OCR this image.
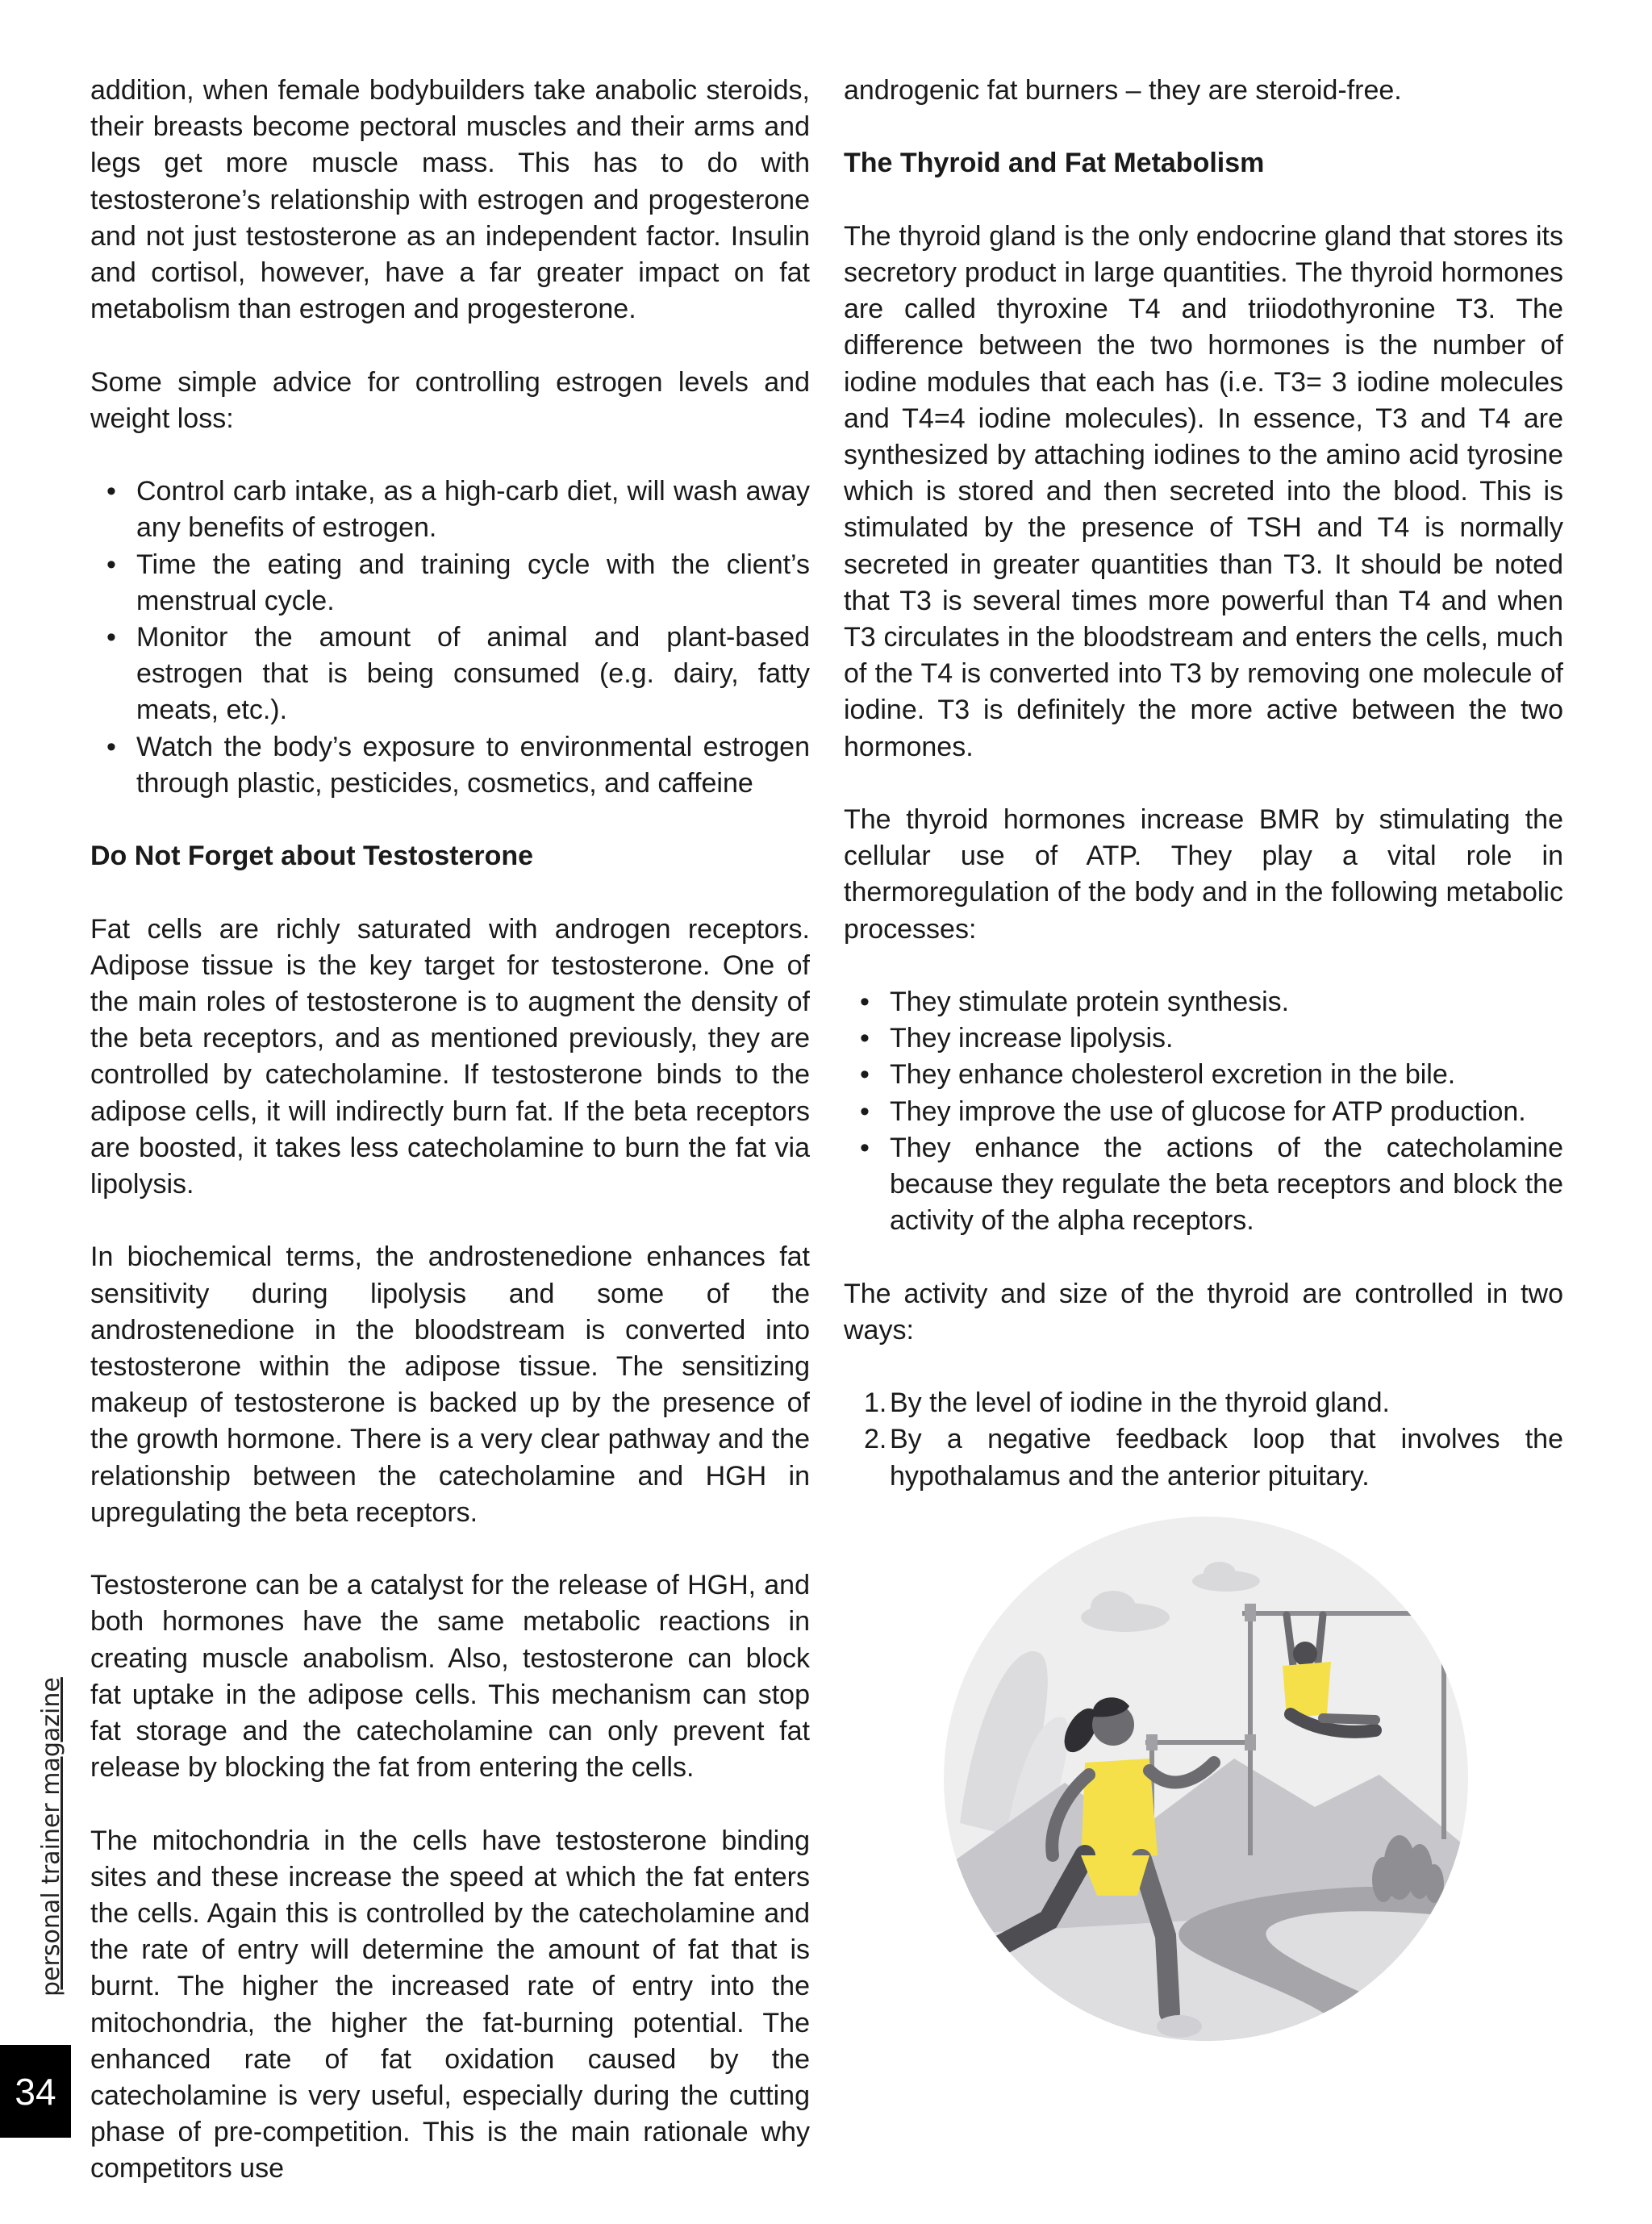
addition, when female bodybuilders take anabolic steroids, their breasts become pectoral muscles and their arms and legs get more muscle mass. This has to do with testosterone’s relationship with estrogen and progesterone and not just testosterone as an independent factor. Insulin and cortisol, however, have a far greater impact on fat metabolism than estrogen and progesterone.

Some simple advice for controlling estrogen levels and weight loss:

• Control carb intake, as a high-carb diet, will wash away any benefits of estrogen.
• Time the eating and training cycle with the client’s menstrual cycle.
• Monitor the amount of animal and plant-based estrogen that is being consumed (e.g. dairy, fatty meats, etc.).
• Watch the body’s exposure to environmental estrogen through plastic, pesticides, cosmetics, and caffeine

Do Not Forget about Testosterone

Fat cells are richly saturated with androgen receptors. Adipose tissue is the key target for testosterone. One of the main roles of testosterone is to augment the density of the beta receptors, and as mentioned previously, they are controlled by catecholamine. If testosterone binds to the adipose cells, it will indirectly burn fat. If the beta receptors are boosted, it takes less catecholamine to burn the fat via lipolysis.

In biochemical terms, the androstenedione enhances fat sensitivity during lipolysis and some of the androstenedione in the bloodstream is converted into testosterone within the adipose tissue. The sensitizing makeup of testosterone is backed up by the presence of the growth hormone. There is a very clear pathway and the relationship between the catecholamine and HGH in upregulating the beta receptors.

Testosterone can be a catalyst for the release of HGH, and both hormones have the same metabolic reactions in creating muscle anabolism. Also, testosterone can block fat uptake in the adipose cells. This mechanism can stop fat storage and the catecholamine can only prevent fat release by blocking the fat from entering the cells.

The mitochondria in the cells have testosterone binding sites and these increase the speed at which the fat enters the cells. Again this is controlled by the catecholamine and the rate of entry will determine the amount of fat that is burnt. The higher the increased rate of entry into the mitochondria, the higher the fat-burning potential. The enhanced rate of fat oxidation caused by the catecholamine is very useful, especially during the cutting phase of pre-competition. This is the main rationale why competitors use

androgenic fat burners – they are steroid-free.

The Thyroid and Fat Metabolism

The thyroid gland is the only endocrine gland that stores its secretory product in large quantities. The thyroid hormones are called thyroxine T4 and triiodothyronine T3. The difference between the two hormones is the number of iodine modules that each has (i.e. T3= 3 iodine molecules and T4=4 iodine molecules). In essence, T3 and T4 are synthesized by attaching iodines to the amino acid tyrosine which is stored and then secreted into the blood. This is stimulated by the presence of TSH and T4 is normally secreted in greater quantities than T3. It should be noted that T3 is several times more powerful than T4 and when T3 circulates in the bloodstream and enters the cells, much of the T4 is converted into T3 by removing one molecule of iodine. T3 is definitely the more active between the two hormones.

The thyroid hormones increase BMR by stimulating the cellular use of ATP. They play a vital role in thermoregulation of the body and in the following metabolic processes:

• They stimulate protein synthesis.
• They increase lipolysis.
• They enhance cholesterol excretion in the bile.
• They improve the use of glucose for ATP production.
• They enhance the actions of the catecholamine because they regulate the beta receptors and block the activity of the alpha receptors.

The activity and size of the thyroid are controlled in two ways:

1. By the level of iodine in the thyroid gland.
2. By a negative feedback loop that involves the hypothalamus and the anterior pituitary.
personal trainer magazine
34
